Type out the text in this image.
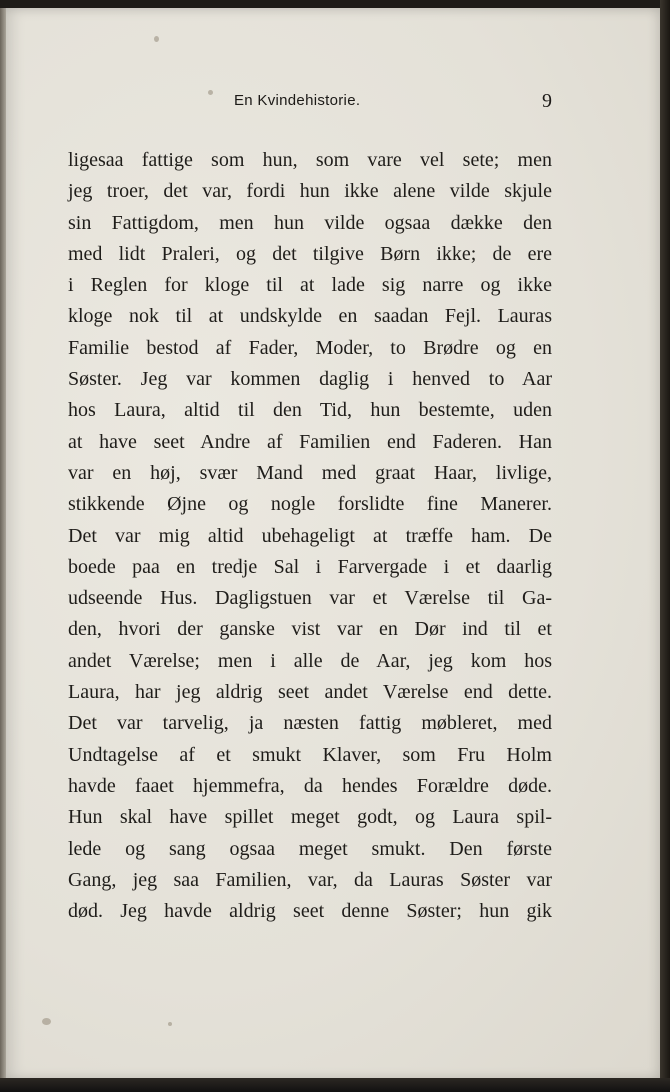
En Kvindehistorie.	9
ligesaa fattige som hun, som vare vel sete; men
jeg troer, det var, fordi hun ikke alene vilde skjule
sin Fattigdom, men hun vilde ogsaa dække den
med lidt Praleri, og det tilgive Børn ikke; de ere
i Reglen for kloge til at lade sig narre og ikke
kloge nok til at undskylde en saadan Fejl. Lauras
Familie bestod af Fader, Moder, to Brødre og en
Søster. Jeg var kommen daglig i henved to Aar
hos Laura, altid til den Tid, hun bestemte, uden
at have seet Andre af Familien end Faderen. Han
var en høj, svær Mand med graat Haar, livlige,
stikkende Øjne og nogle forslidte fine Manerer.
Det var mig altid ubehageligt at træffe ham. De
boede paa en tredje Sal i Farvergade i et daarlig
udseende Hus. Dagligstuen var et Værelse til Ga-
den, hvori der ganske vist var en Dør ind til et
andet Værelse; men i alle de Aar, jeg kom hos
Laura, har jeg aldrig seet andet Værelse end dette.
Det var tarvelig, ja næsten fattig møbleret, med
Undtagelse af et smukt Klaver, som Fru Holm
havde faaet hjemmefra, da hendes Forældre døde.
Hun skal have spillet meget godt, og Laura spil-
lede og sang ogsaa meget smukt. Den første
Gang, jeg saa Familien, var, da Lauras Søster var
død. Jeg havde aldrig seet denne Søster; hun gik
